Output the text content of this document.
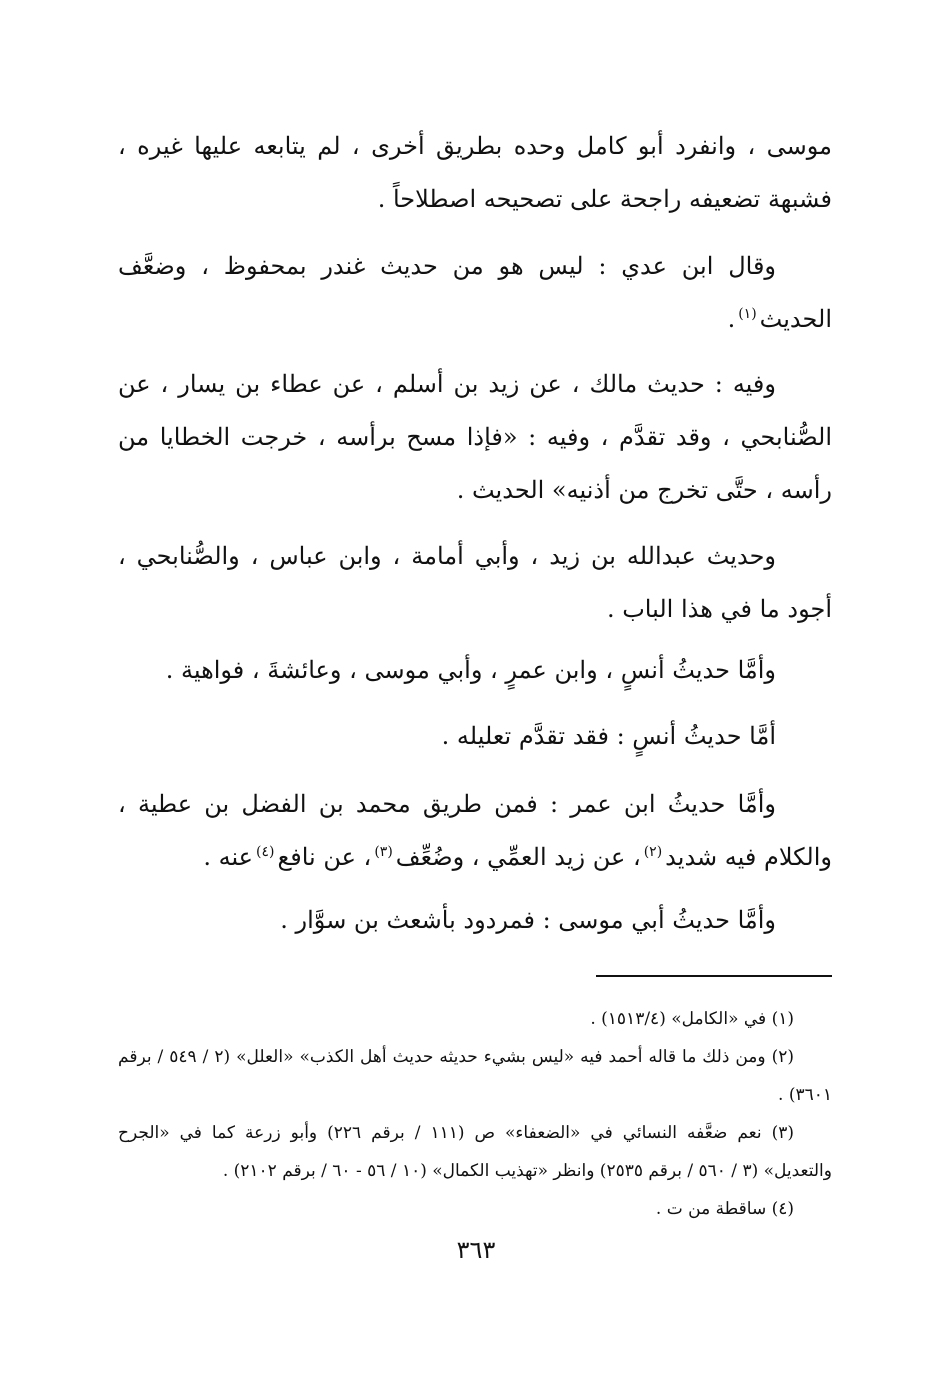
موسى ، وانفرد أبو كامل وحده بطريق أخرى ، لم يتابعه عليها غيره ، فشبهة تضعيفه راجحة على تصحيحه اصطلاحاً .

وقال ابن عدي : ليس هو من حديث غندر بمحفوظ ، وضعَّف الحديث$^{(١)}$.

وفيه : حديث مالك ، عن زيد بن أسلم ، عن عطاء بن يسار ، عن الصُّنابحي ، وقد تقدَّم ، وفيه : «فإذا مسح برأسه ، خرجت الخطايا من رأسه ، حتَّى تخرج من أذنيه» الحديث .

وحديث عبدالله بن زيد ، وأبي أمامة ، وابن عباس ، والصُّنابحي ، أجود ما في هذا الباب .

وأمَّا حديثُ أنسٍ ، وابن عمرٍ ، وأبي موسى ، وعائشةَ ، فواهية .

أمَّا حديثُ أنسٍ : فقد تقدَّم تعليله .

وأمَّا حديثُ ابن عمر : فمن طريق محمد بن الفضل بن عطية ، والكلام فيه شديد$^{(٢)}$، عن زيد العمِّي ، وضُعِّف$^{(٣)}$، عن نافع$^{(٤)}$عنه .

وأمَّا حديثُ أبي موسى : فمردود بأشعث بن سوَّار .

(١) في «الكامل» (١٥١٣/٤) .

(٢) ومن ذلك ما قاله أحمد فيه «ليس بشيء حديثه حديث أهل الكذب» «العلل» (٢ / ٥٤٩ / برقم ٣٦٠١) .

(٣) نعم ضعَّفه النسائي في «الضعفاء» ص (١١١ / برقم ٢٢٦) وأبو زرعة كما في «الجرح والتعديل» (٣ / ٥٦٠ / برقم ٢٥٣٥) وانظر «تهذيب الكمال» (١٠ / ٥٦ - ٦٠ / برقم ٢١٠٢) .

(٤) ساقطة من ت .

٣٦٣
